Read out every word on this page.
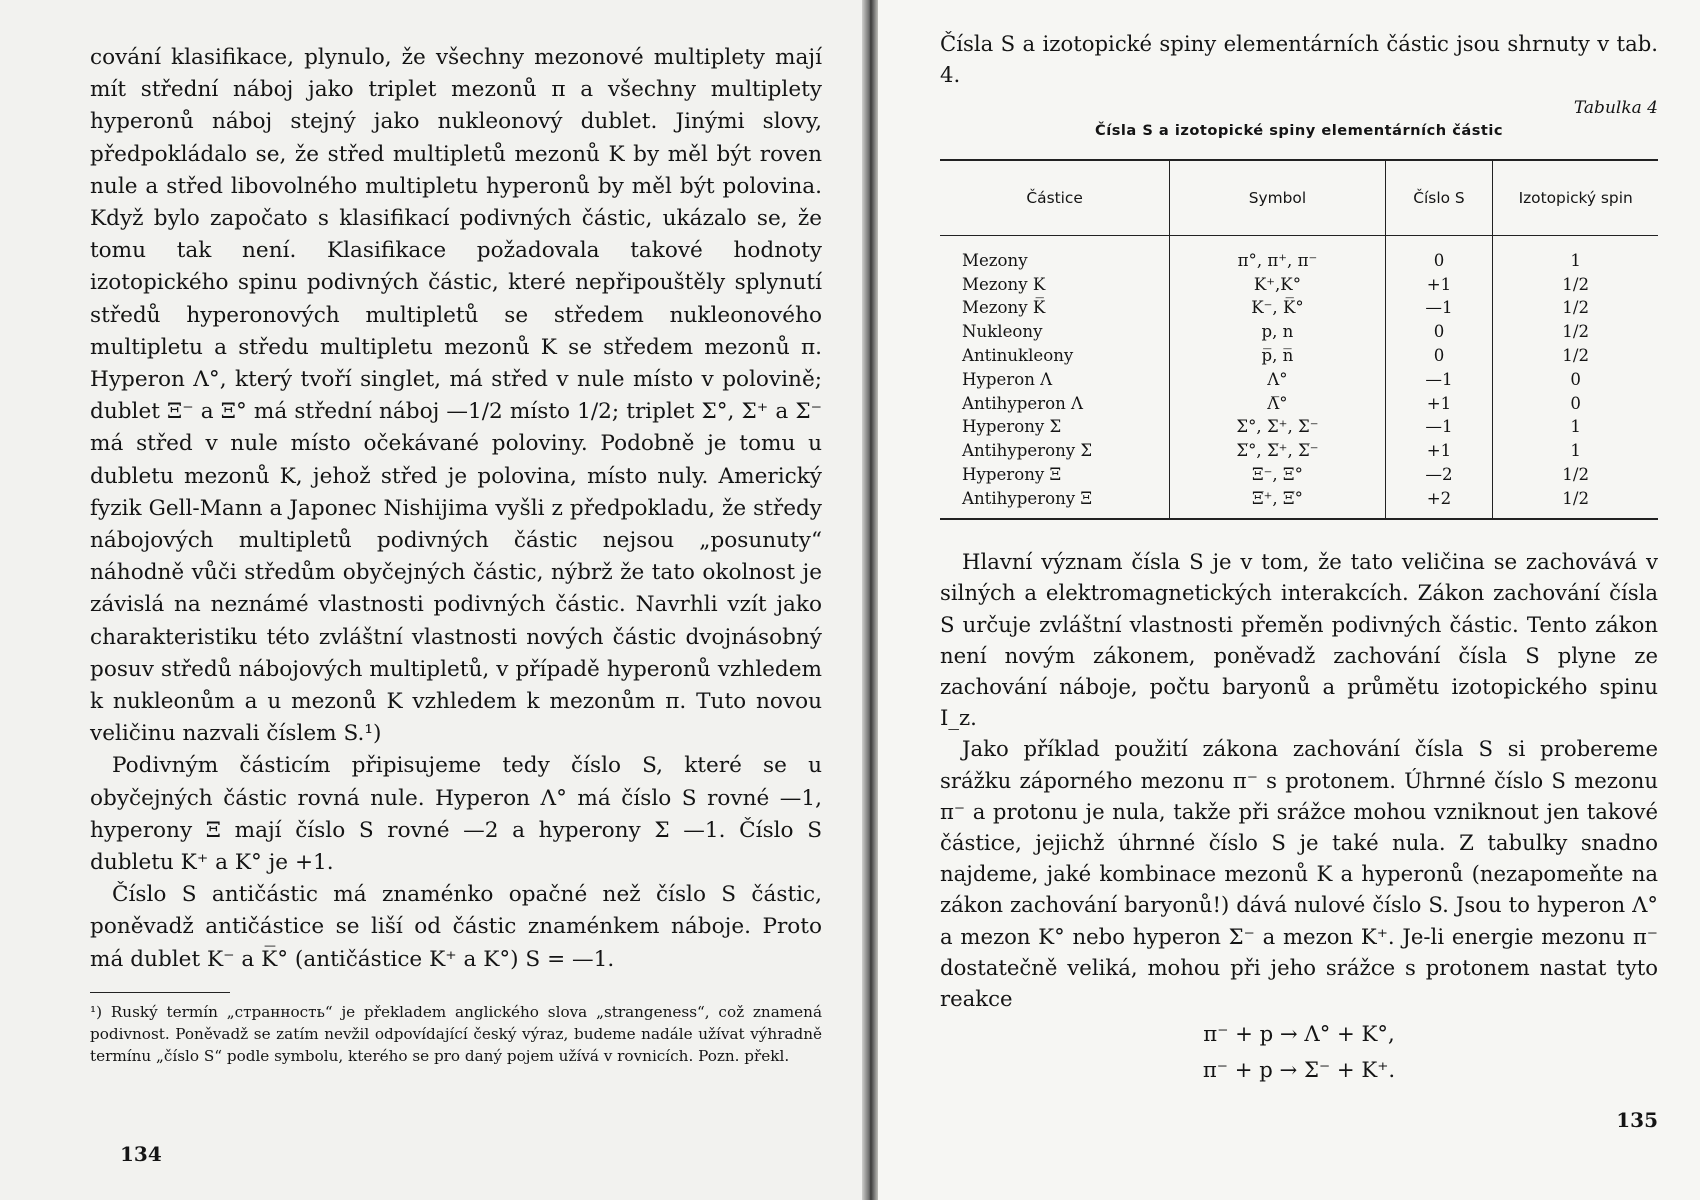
cování klasifikace, plynulo, že všechny mezonové multiplety mají mít střední náboj jako triplet mezonů π a všechny multiplety hyperonů náboj stejný jako nukleonový dublet. Jinými slovy, předpokládalo se, že střed multipletů mezonů K by měl být roven nule a střed libovolného multipletu hyperonů by měl být polovina. Když bylo započato s klasifikací podivných částic, ukázalo se, že tomu tak není. Klasifikace požadovala takové hodnoty izotopického spinu podivných částic, které nepřipouštěly splynutí středů hyperonových multipletů se středem nukleonového multipletu a středu multipletu mezonů K se středem mezonů π. Hyperon Λ°, který tvoří singlet, má střed v nule místo v polovině; dublet Ξ⁻ a Ξ° má střední náboj —1/2 místo 1/2; triplet Σ°, Σ⁺ a Σ⁻ má střed v nule místo očekávané poloviny. Podobně je tomu u dubletu mezonů K, jehož střed je polovina, místo nuly. Americký fyzik Gell-Mann a Japonec Nishijima vyšli z předpokladu, že středy nábojových multipletů podivných částic nejsou „posunuty“ náhodně vůči středům obyčejných částic, nýbrž že tato okolnost je závislá na neznámé vlastnosti podivných částic. Navrhli vzít jako charakteristiku této zvláštní vlastnosti nových částic dvojnásobný posuv středů nábojových multipletů, v případě hyperonů vzhledem k nukleonům a u mezonů K vzhledem k mezonům π. Tuto novou veličinu nazvali číslem S.¹)

Podivným částicím připisujeme tedy číslo S, které se u obyčejných částic rovná nule. Hyperon Λ° má číslo S rovné —1, hyperony Ξ mají číslo S rovné —2 a hyperony Σ —1. Číslo S dubletu K⁺ a K° je +1.

Číslo S antičástic má znaménko opačné než číslo S částic, poněvadž antičástice se liší od částic znaménkem náboje. Proto má dublet K⁻ a K̅° (antičástice K⁺ a K°) S = —1.

¹) Ruský termín „странность“ je překladem anglického slova „strangeness“, což znamená podivnost. Poněvadž se zatím nevžil odpovídající český výraz, budeme nadále užívat výhradně termínu „číslo S“ podle symbolu, kterého se pro daný pojem užívá v rovnicích. Pozn. překl.

134

Čísla S a izotopické spiny elementárních částic jsou shrnuty v tab. 4.

Tabulka 4
Čísla S a izotopické spiny elementárních částic
Částice	Symbol	Číslo S	Izotopický spin
Mezony	π°, π⁺, π⁻	0	1
Mezony K	K⁺,K°	+1	1/2
Mezony K̅	K⁻, K̅°	—1	1/2
Nukleony	p, n	0	1/2
Antinukleony	p̅, n̅	0	1/2
Hyperon Λ	Λ°	—1	0
Antihyperon Λ	Λ̅°	+1	0
Hyperony Σ	Σ°, Σ⁺, Σ⁻	—1	1
Antihyperony Σ	Σ̅°, Σ̅⁺, Σ̅⁻	+1	1
Hyperony Ξ	Ξ⁻, Ξ°	—2	1/2
Antihyperony Ξ	Ξ̅⁺, Ξ̅°	+2	1/2

Hlavní význam čísla S je v tom, že tato veličina se zachovává v silných a elektromagnetických interakcích. Zákon zachování čísla S určuje zvláštní vlastnosti přeměn podivných částic. Tento zákon není novým zákonem, poněvadž zachování čísla S plyne ze zachování náboje, počtu baryonů a průmětu izotopického spinu I_z.

Jako příklad použití zákona zachování čísla S si probereme srážku záporného mezonu π⁻ s protonem. Úhrnné číslo S mezonu π⁻ a protonu je nula, takže při srážce mohou vzniknout jen takové částice, jejichž úhrnné číslo S je také nula. Z tabulky snadno najdeme, jaké kombinace mezonů K a hyperonů (nezapomeňte na zákon zachování baryonů!) dává nulové číslo S. Jsou to hyperon Λ° a mezon K° nebo hyperon Σ⁻ a mezon K⁺. Je-li energie mezonu π⁻ dostatečně veliká, mohou při jeho srážce s protonem nastat tyto reakce

π⁻ + p → Λ° + K°,
π⁻ + p → Σ⁻ + K⁺.
135
